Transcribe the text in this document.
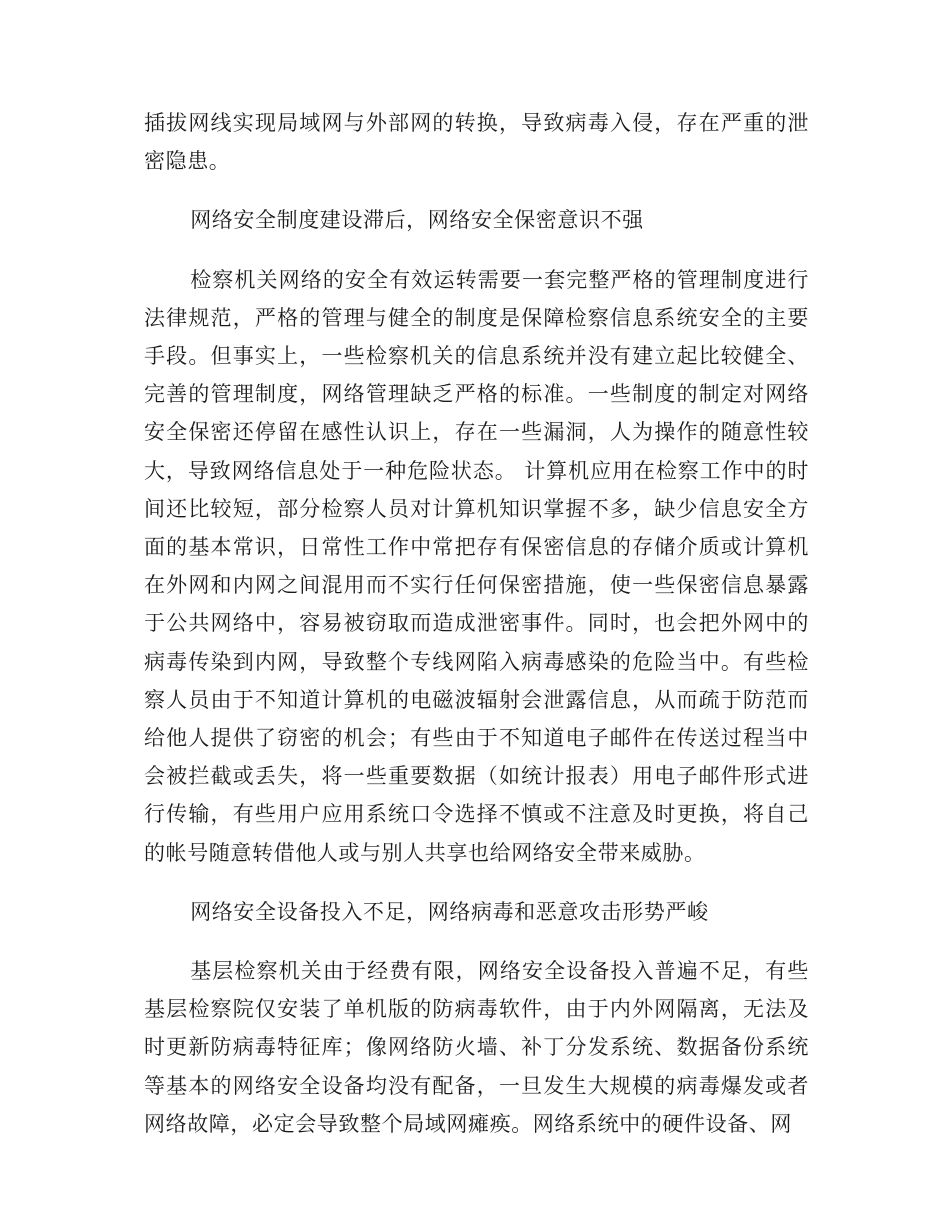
插拔网线实现局域网与外部网的转换，导致病毒入侵，存在严重的泄密隐患。

网络安全制度建设滞后，网络安全保密意识不强

检察机关网络的安全有效运转需要一套完整严格的管理制度进行法律规范，严格的管理与健全的制度是保障检察信息系统安全的主要手段。但事实上，一些检察机关的信息系统并没有建立起比较健全、完善的管理制度，网络管理缺乏严格的标准。一些制度的制定对网络安全保密还停留在感性认识上，存在一些漏洞，人为操作的随意性较大，导致网络信息处于一种危险状态。 计算机应用在检察工作中的时间还比较短，部分检察人员对计算机知识掌握不多，缺少信息安全方面的基本常识，日常性工作中常把存有保密信息的存储介质或计算机在外网和内网之间混用而不实行任何保密措施，使一些保密信息暴露于公共网络中，容易被窃取而造成泄密事件。同时，也会把外网中的病毒传染到内网，导致整个专线网陷入病毒感染的危险当中。有些检察人员由于不知道计算机的电磁波辐射会泄露信息，从而疏于防范而给他人提供了窃密的机会；有些由于不知道电子邮件在传送过程当中会被拦截或丢失，将一些重要数据（如统计报表）用电子邮件形式进行传输，有些用户应用系统口令选择不慎或不注意及时更换，将自己的帐号随意转借他人或与别人共享也给网络安全带来威胁。

网络安全设备投入不足，网络病毒和恶意攻击形势严峻

基层检察机关由于经费有限，网络安全设备投入普遍不足，有些基层检察院仅安装了单机版的防病毒软件，由于内外网隔离，无法及时更新防病毒特征库；像网络防火墙、补丁分发系统、数据备份系统等基本的网络安全设备均没有配备，一旦发生大规模的病毒爆发或者网络故障，必定会导致整个局域网瘫痪。网络系统中的硬件设备、网
